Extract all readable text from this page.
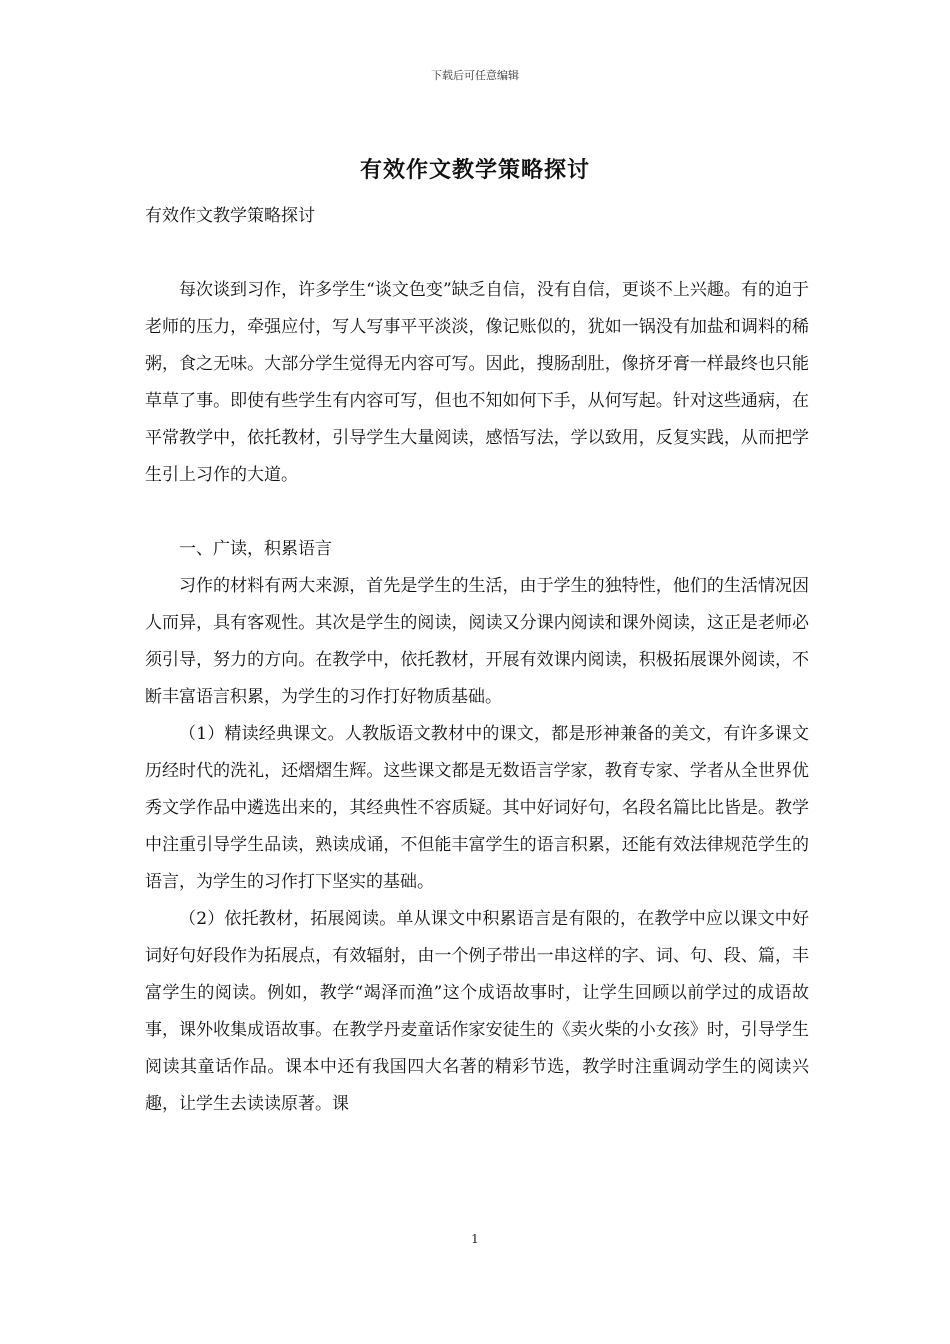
下载后可任意编辑
有效作文教学策略探讨

有效作文教学策略探讨

每次谈到习作，许多学生“谈文色变”缺乏自信，没有自信，更谈不上兴趣。有的迫于老师的压力，牵强应付，写人写事平平淡淡，像记账似的，犹如一锅没有加盐和调料的稀粥，食之无味。大部分学生觉得无内容可写。因此，搜肠刮肚，像挤牙膏一样最终也只能草草了事。即使有些学生有内容可写，但也不知如何下手，从何写起。针对这些通病，在平常教学中，依托教材，引导学生大量阅读，感悟写法，学以致用，反复实践，从而把学生引上习作的大道。

一、广读，积累语言

习作的材料有两大来源，首先是学生的生活，由于学生的独特性，他们的生活情况因人而异，具有客观性。其次是学生的阅读，阅读又分课内阅读和课外阅读，这正是老师必须引导，努力的方向。在教学中，依托教材，开展有效课内阅读，积极拓展课外阅读，不断丰富语言积累，为学生的习作打好物质基础。

（1）精读经典课文。人教版语文教材中的课文，都是形神兼备的美文，有许多课文历经时代的洗礼，还熠熠生辉。这些课文都是无数语言学家，教育专家、学者从全世界优秀文学作品中遴选出来的，其经典性不容质疑。其中好词好句，名段名篇比比皆是。教学中注重引导学生品读，熟读成诵，不但能丰富学生的语言积累，还能有效法律规范学生的语言，为学生的习作打下坚实的基础。

（2）依托教材，拓展阅读。单从课文中积累语言是有限的，在教学中应以课文中好词好句好段作为拓展点，有效辐射，由一个例子带出一串这样的字、词、句、段、篇，丰富学生的阅读。例如，教学“竭泽而渔”这个成语故事时，让学生回顾以前学过的成语故事，课外收集成语故事。在教学丹麦童话作家安徒生的《卖火柴的小女孩》时，引导学生阅读其童话作品。课本中还有我国四大名著的精彩节选，教学时注重调动学生的阅读兴趣，让学生去读读原著。课

1
